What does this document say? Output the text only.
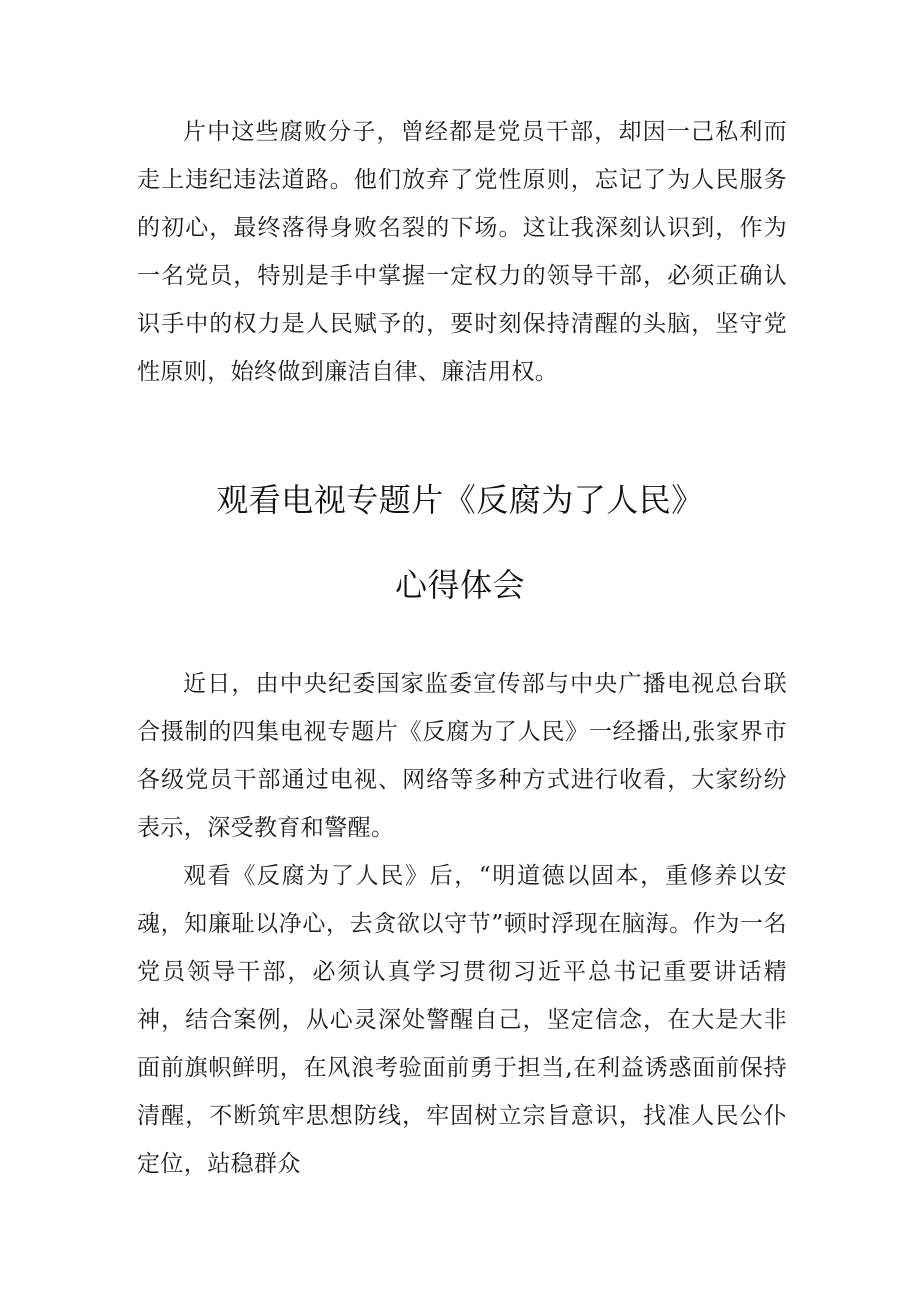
片中这些腐败分子，曾经都是党员干部，却因一己私利而走上违纪违法道路。他们放弃了党性原则，忘记了为人民服务的初心，最终落得身败名裂的下场。这让我深刻认识到，作为一名党员，特别是手中掌握一定权力的领导干部，必须正确认识手中的权力是人民赋予的，要时刻保持清醒的头脑，坚守党性原则，始终做到廉洁自律、廉洁用权。

观看电视专题片《反腐为了人民》
心得体会

近日，由中央纪委国家监委宣传部与中央广播电视总台联合摄制的四集电视专题片《反腐为了人民》一经播出,张家界市各级党员干部通过电视、网络等多种方式进行收看，大家纷纷表示，深受教育和警醒。

观看《反腐为了人民》后，“明道德以固本，重修养以安魂，知廉耻以净心，去贪欲以守节”顿时浮现在脑海。作为一名党员领导干部，必须认真学习贯彻习近平总书记重要讲话精神，结合案例，从心灵深处警醒自己，坚定信念，在大是大非面前旗帜鲜明，在风浪考验面前勇于担当,在利益诱惑面前保持清醒，不断筑牢思想防线，牢固树立宗旨意识，找准人民公仆定位，站稳群众
